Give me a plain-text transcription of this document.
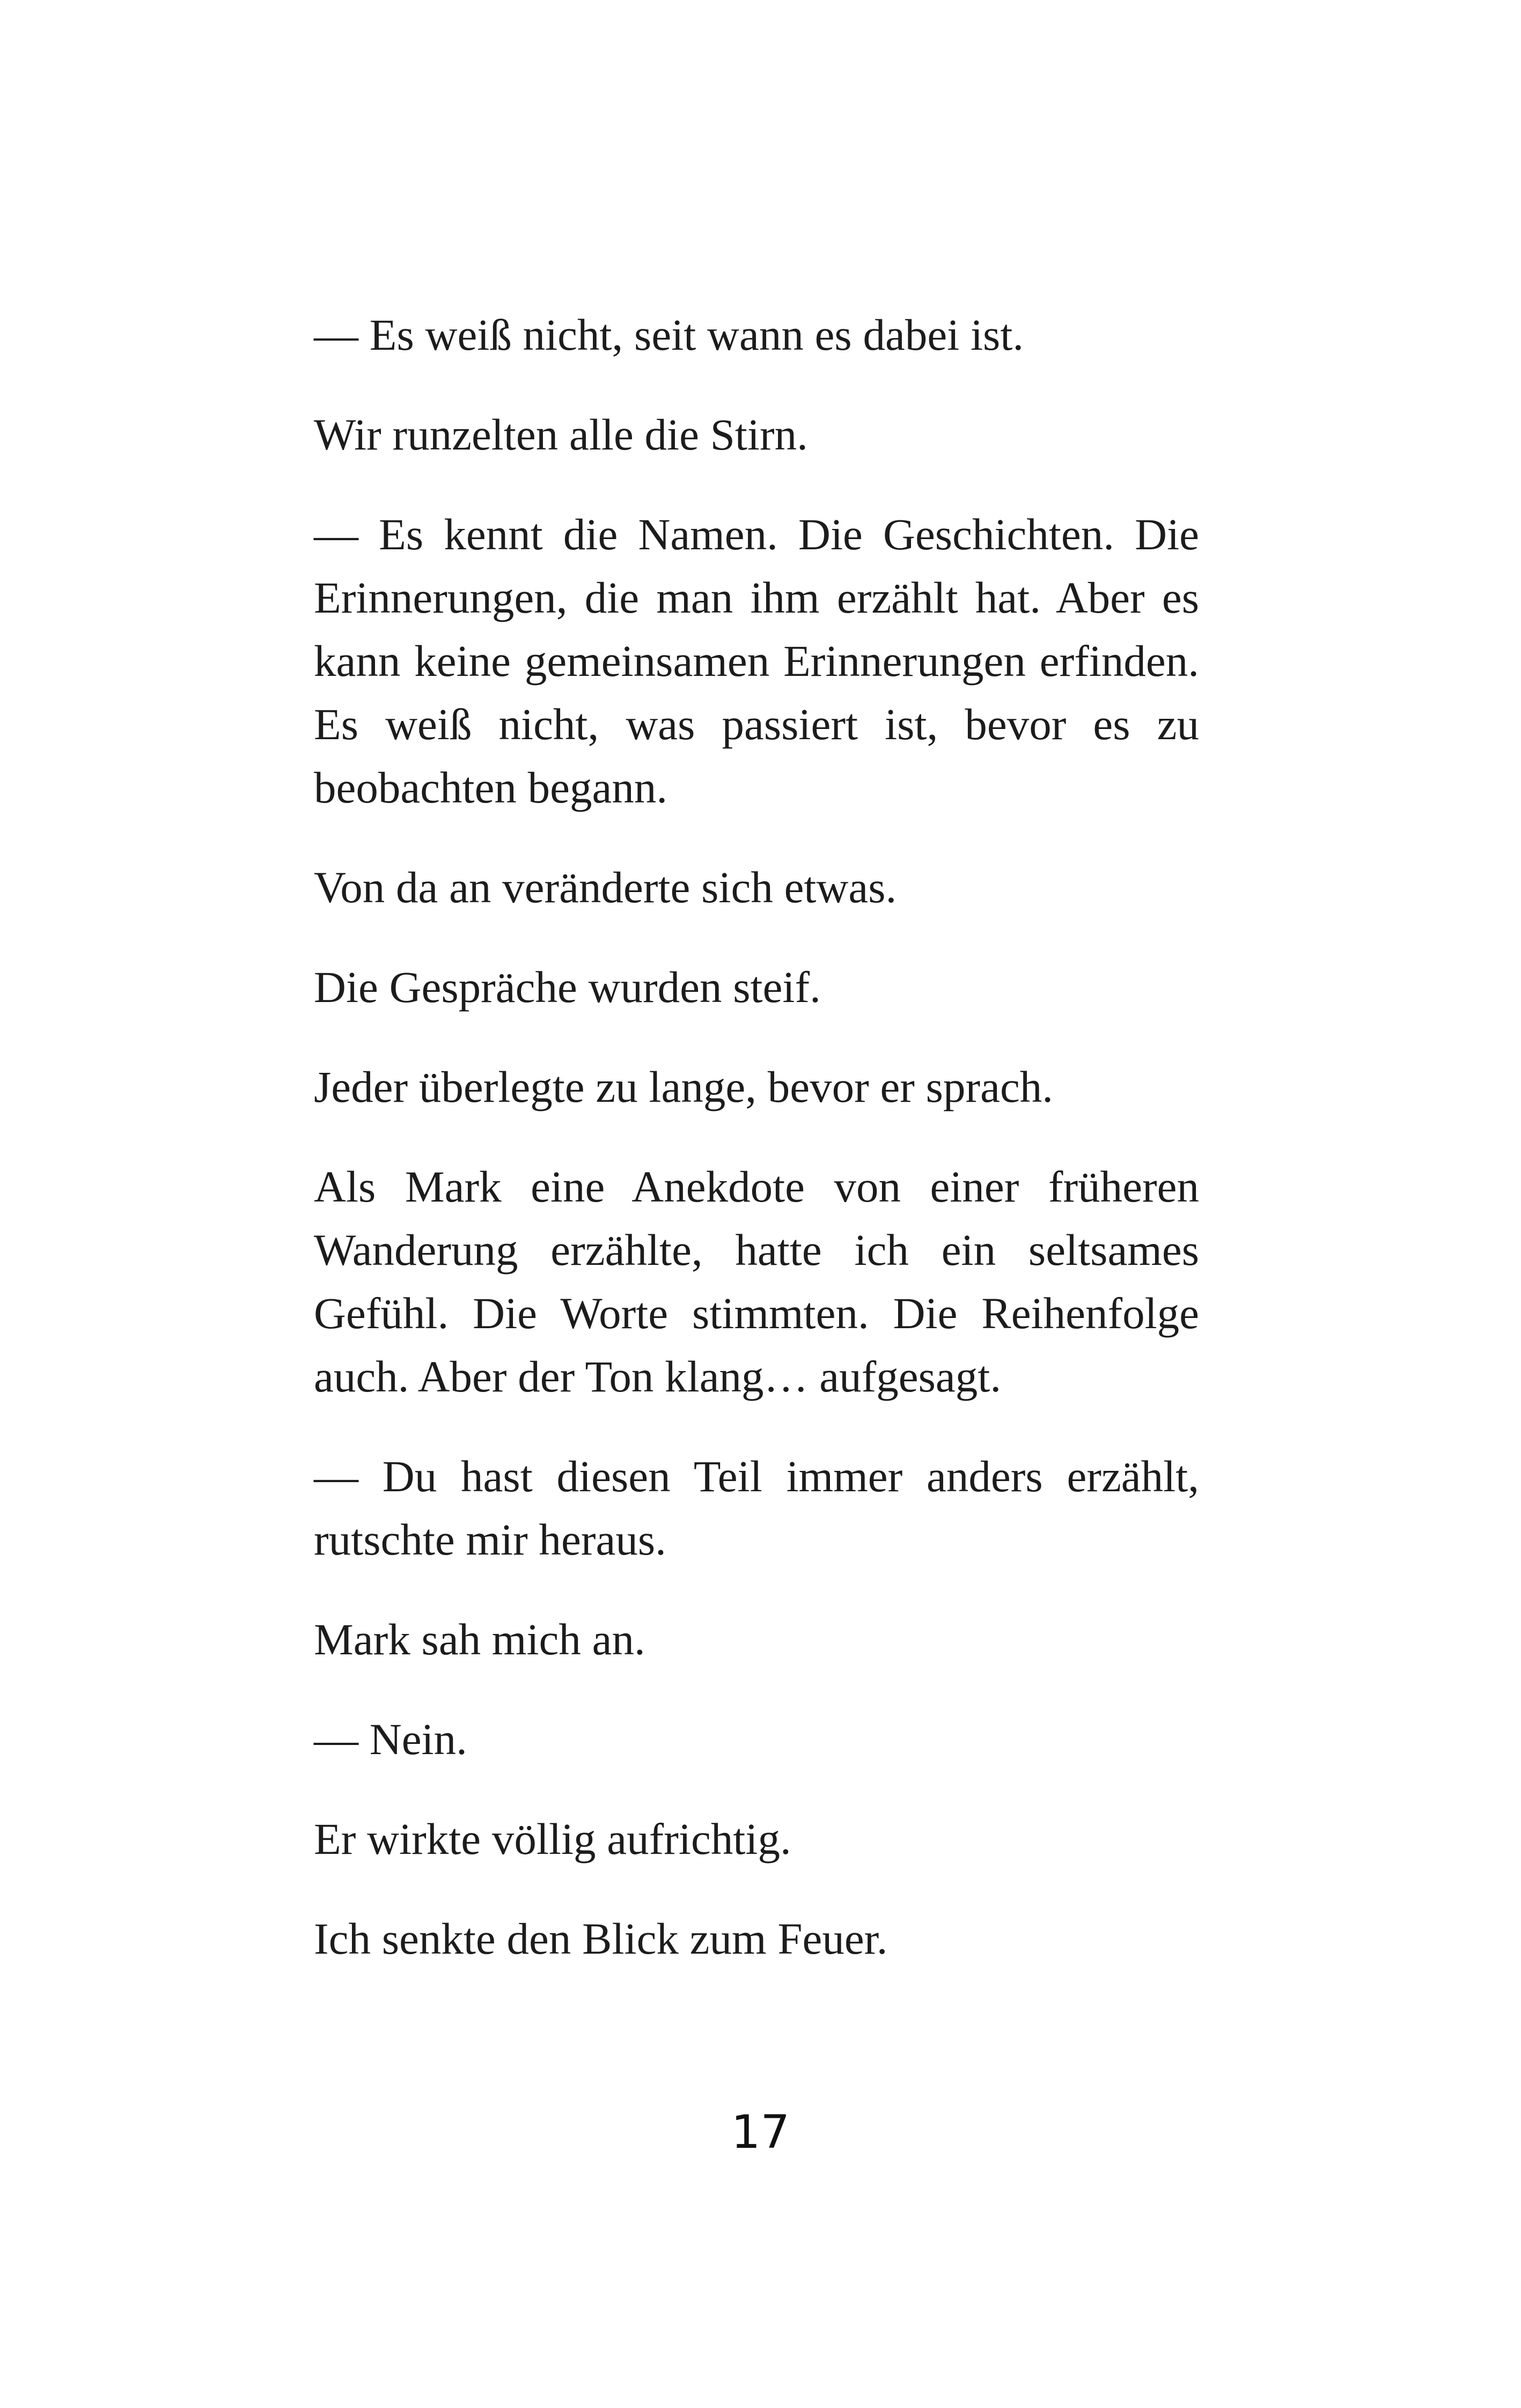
— Es weiß nicht, seit wann es dabei ist.

Wir runzelten alle die Stirn.

— Es kennt die Namen. Die Geschichten. Die Erinnerungen, die man ihm erzählt hat. Aber es kann keine gemeinsamen Erinnerungen erfinden. Es weiß nicht, was passiert ist, bevor es zu beobachten begann.

Von da an veränderte sich etwas.

Die Gespräche wurden steif.

Jeder überlegte zu lange, bevor er sprach.

Als Mark eine Anekdote von einer früheren Wanderung erzählte, hatte ich ein seltsames Gefühl. Die Worte stimmten. Die Reihenfolge auch. Aber der Ton klang… aufgesagt.

— Du hast diesen Teil immer anders erzählt, rutschte mir heraus.

Mark sah mich an.

— Nein.

Er wirkte völlig aufrichtig.

Ich senkte den Blick zum Feuer.

17
